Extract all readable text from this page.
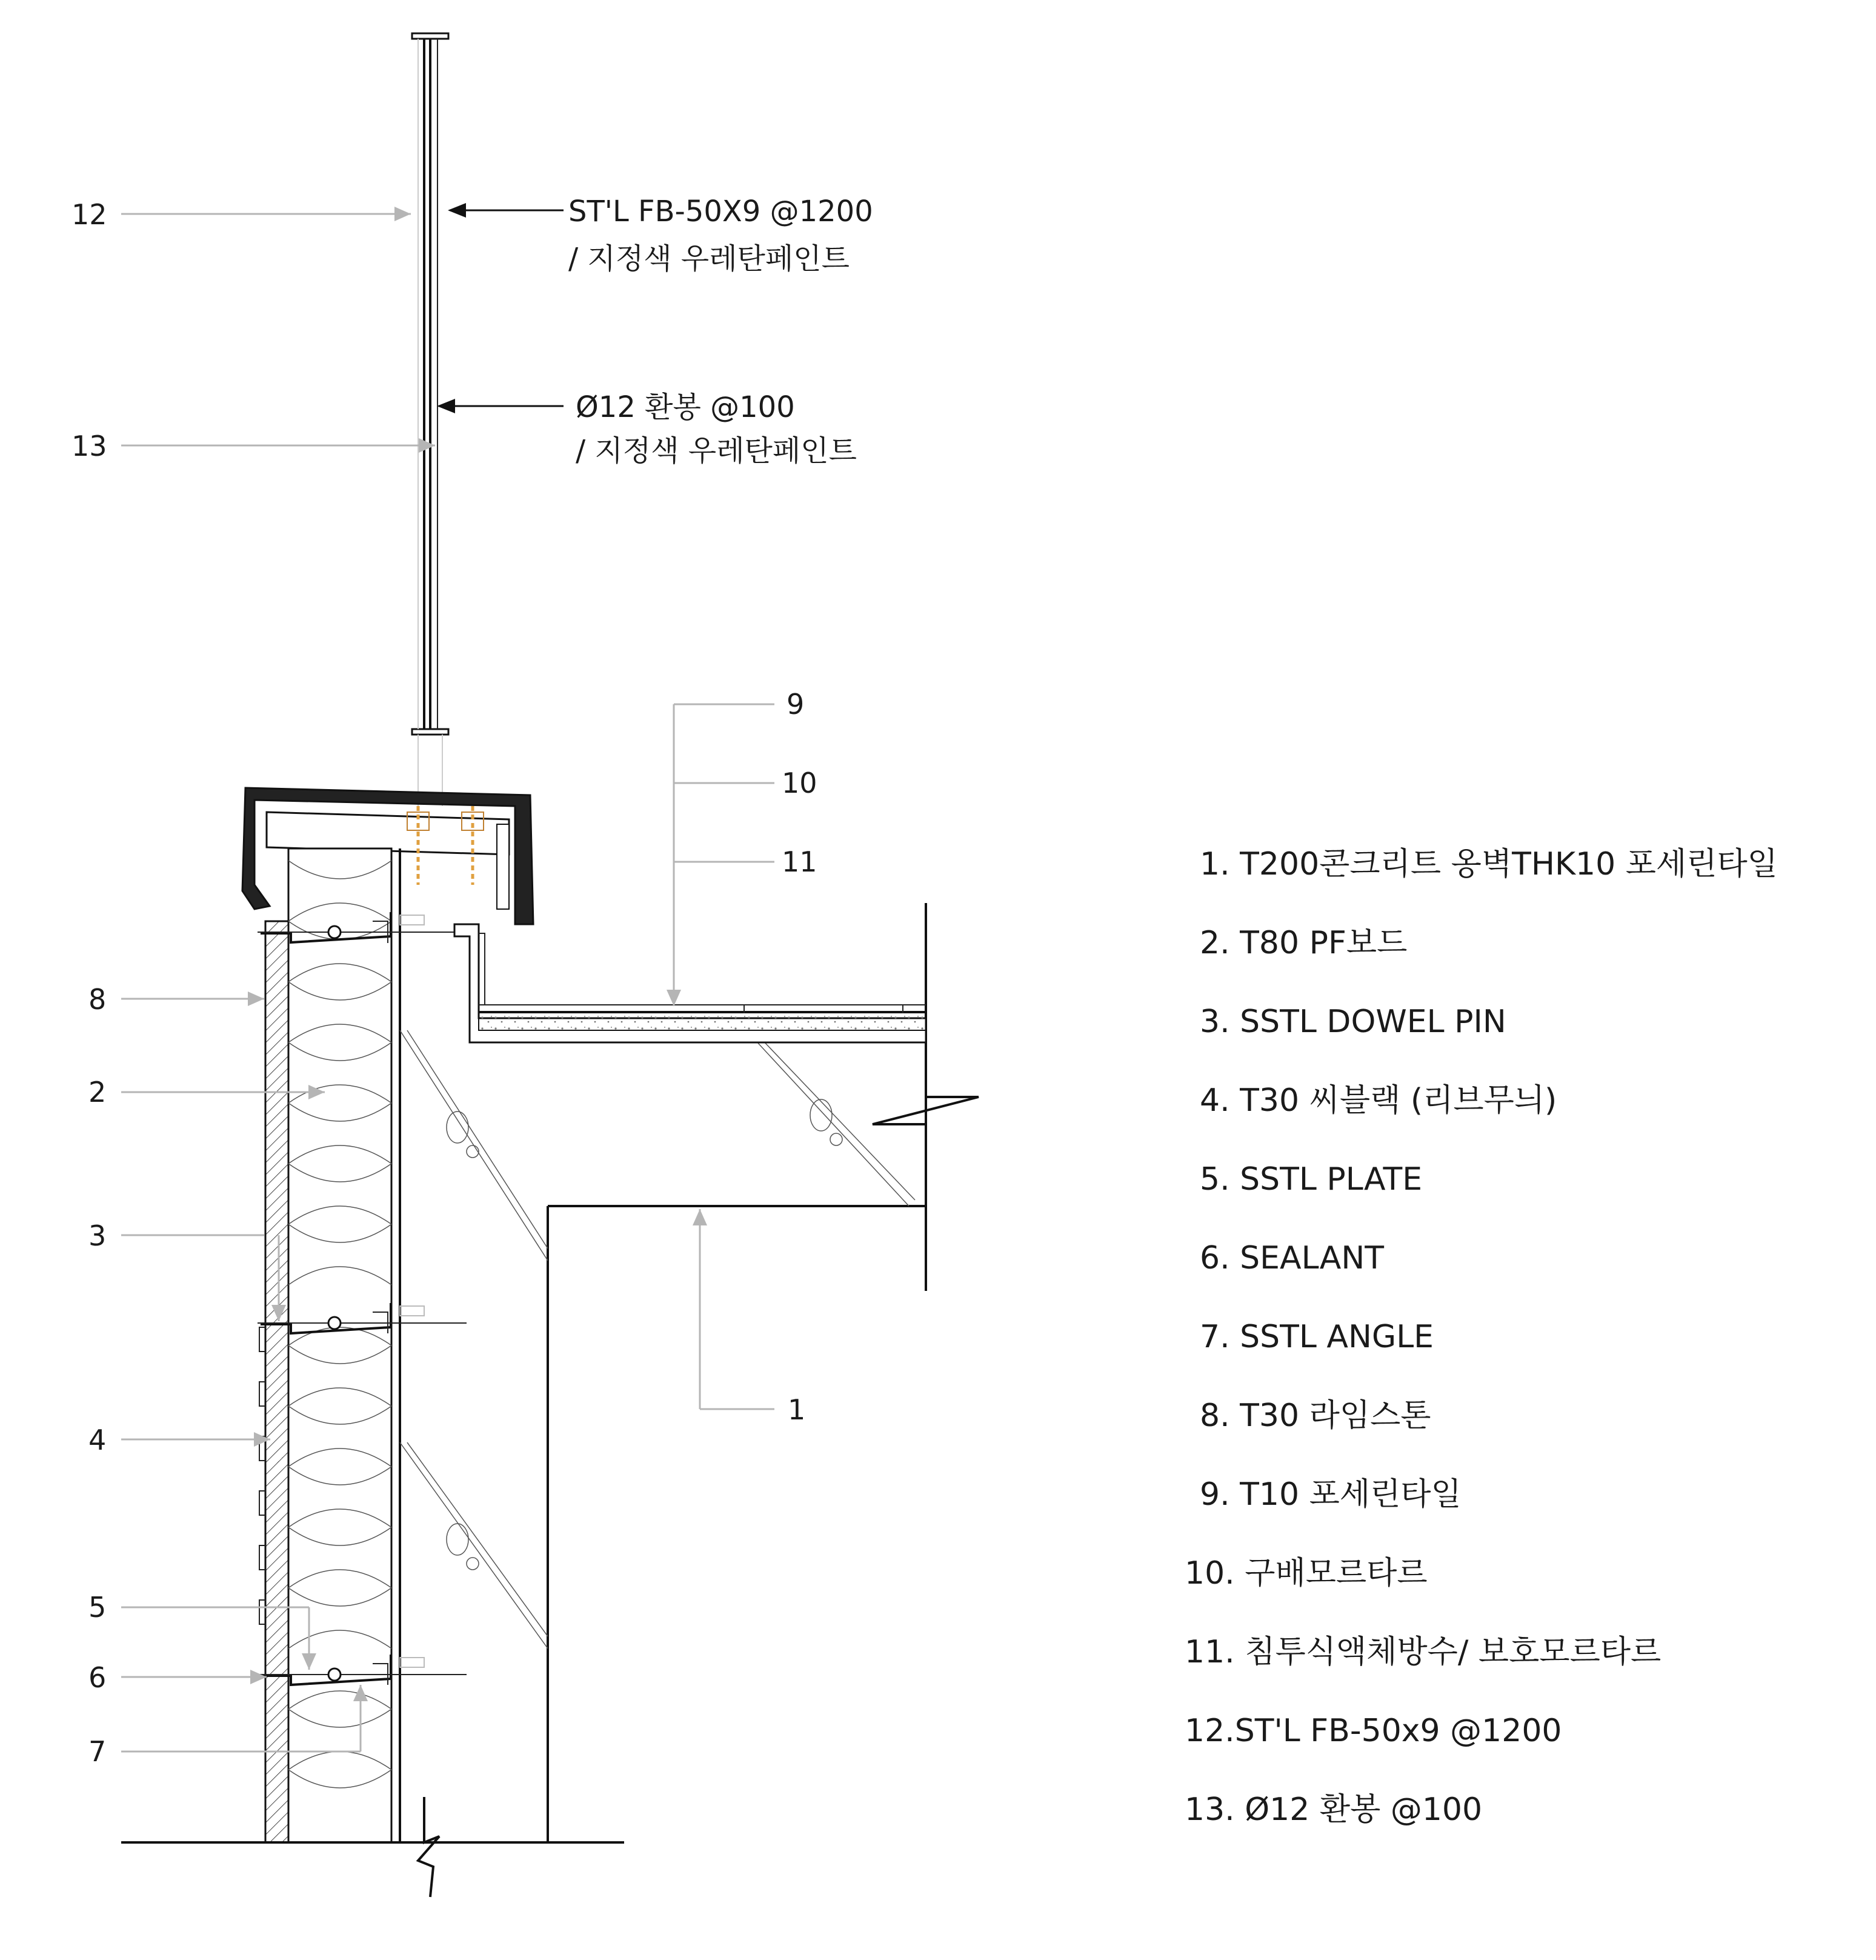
12
13
9
10
11
8
2
3
4
1
5
6
7
ST'L FB-50X9 @1200
/ 지정색 우레탄페인트
Ø12 환봉 @100
/ 지정색 우레탄페인트
1. T200콘크리트 옹벽THK10 포세린타일
2. T80 PF보드
3. SSTL DOWEL PIN
4. T30 씨블랙 (리브무늬)
5. SSTL PLATE
6. SEALANT
7. SSTL ANGLE
8. T30 라임스톤
9. T10 포세린타일
10. 구배모르타르
11. 침투식액체방수/ 보호모르타르
12.ST'L FB-50x9 @1200
13. Ø12 환봉 @100
